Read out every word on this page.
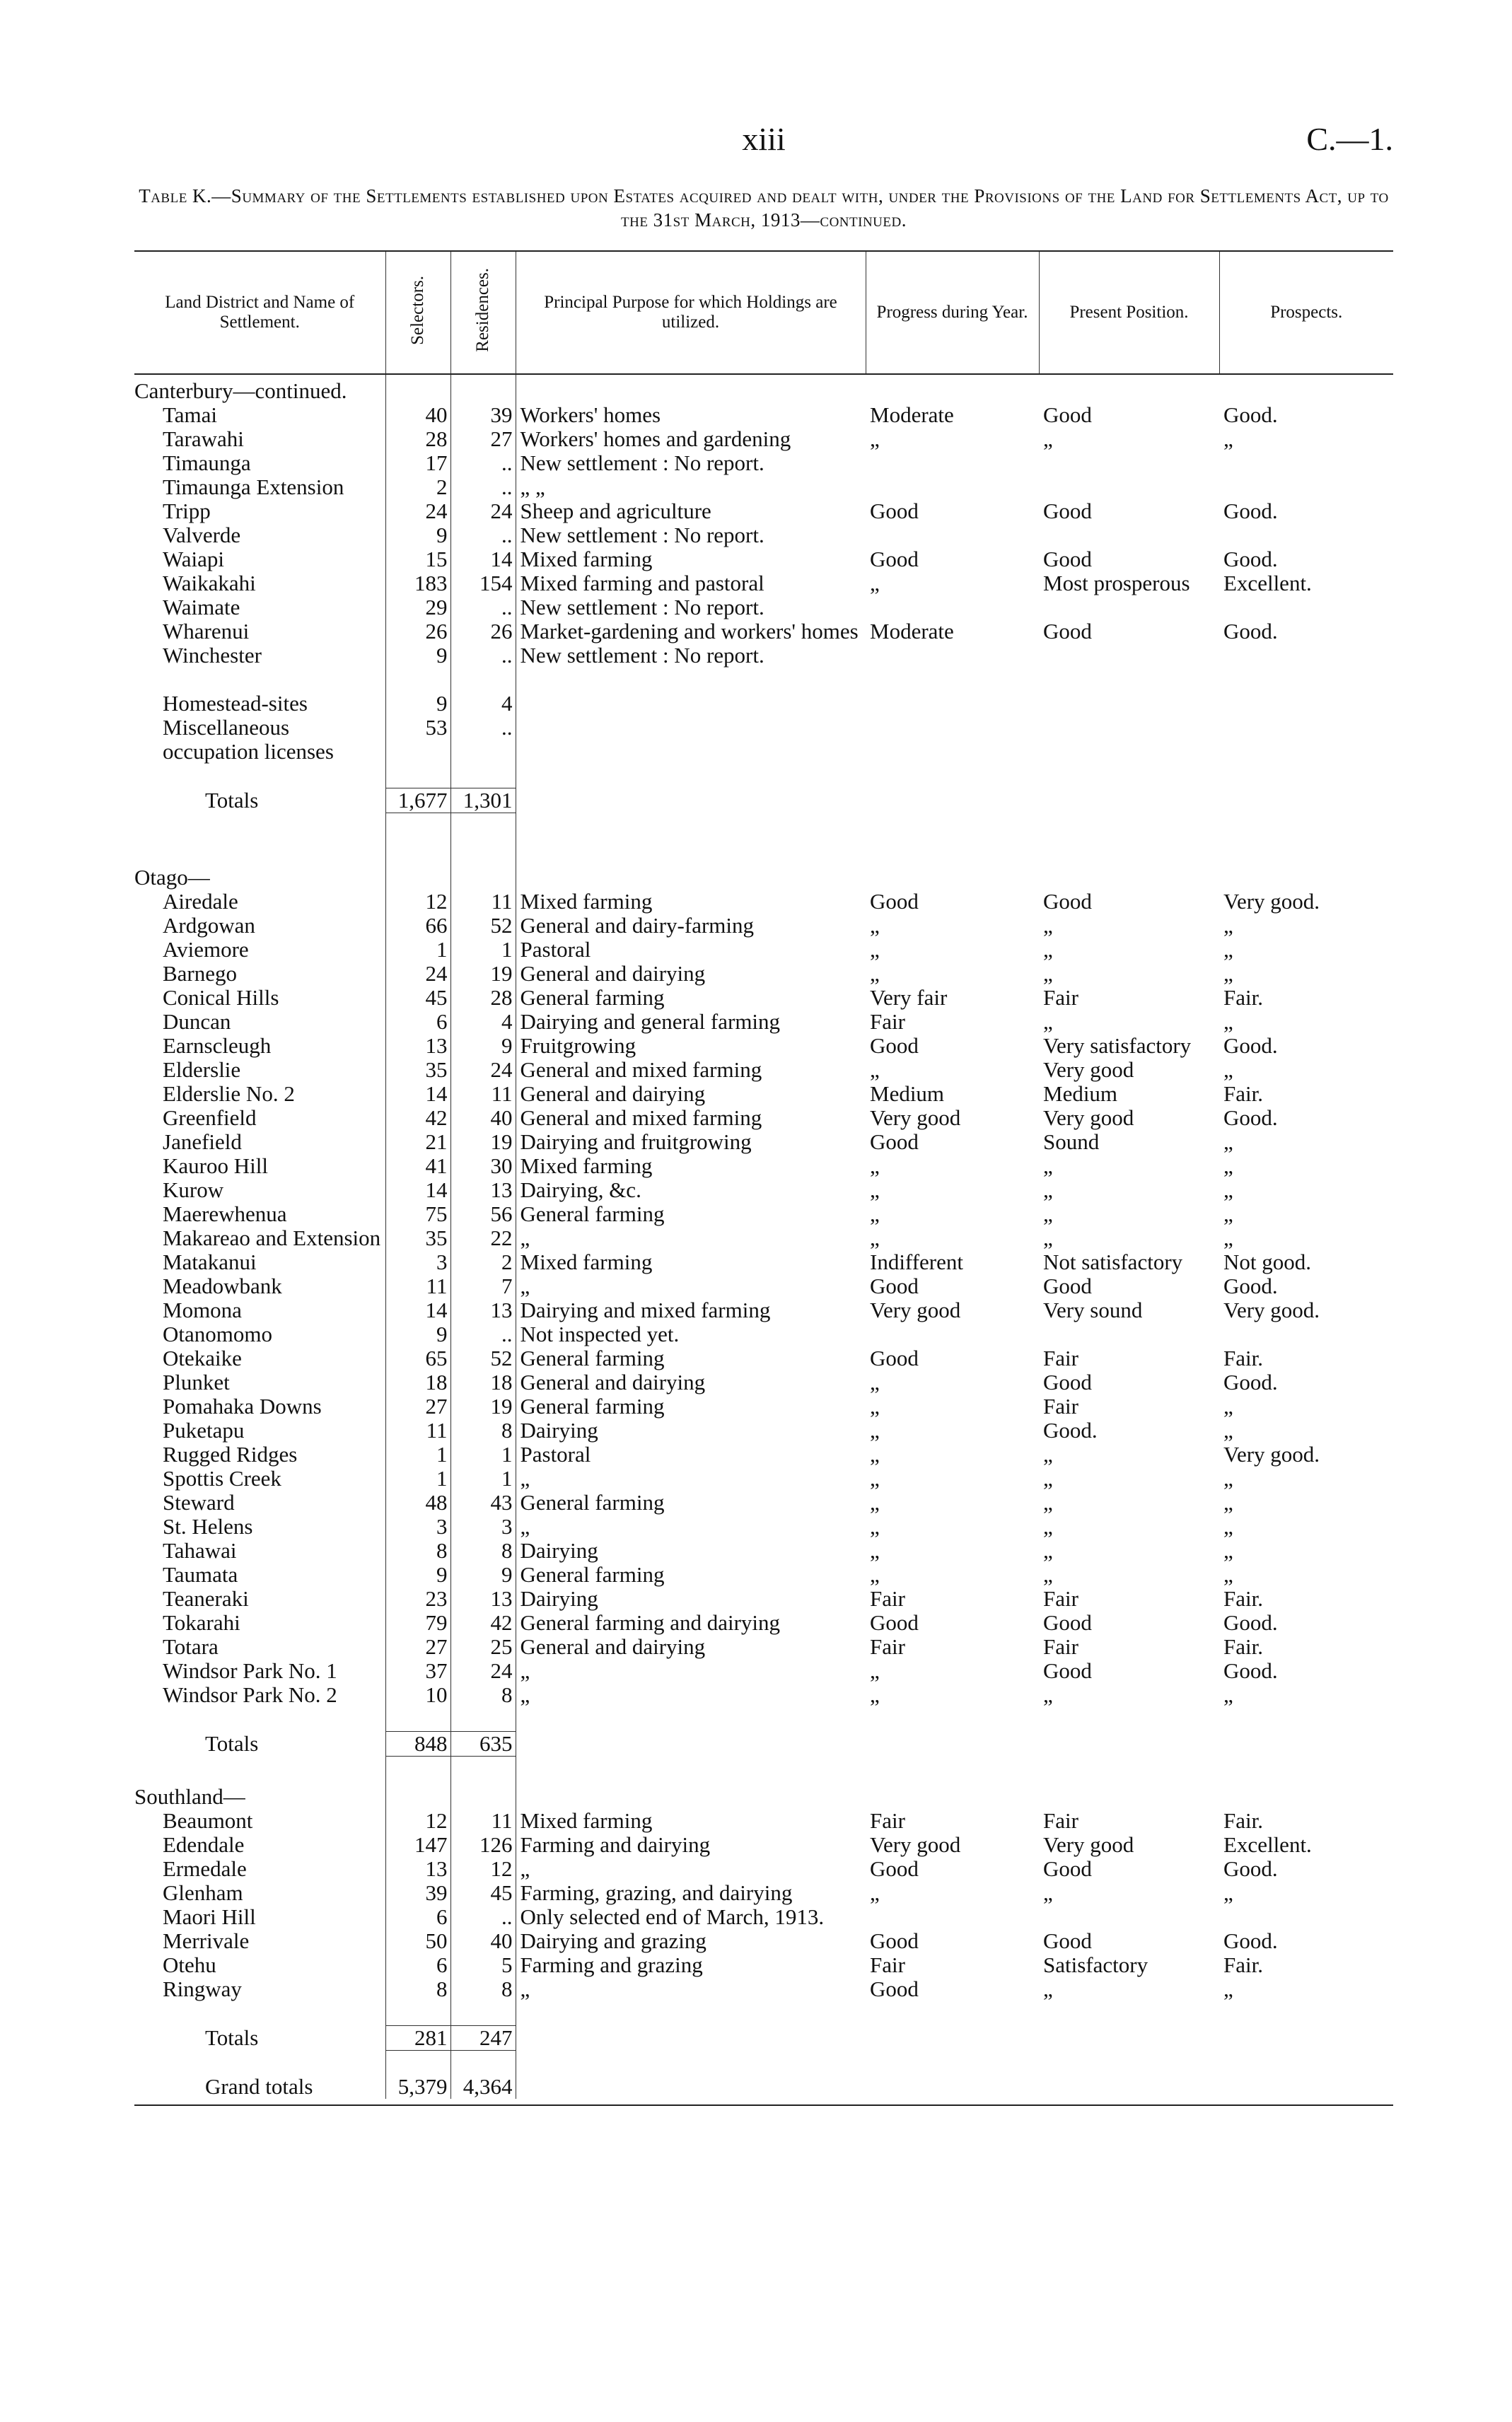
xiii	C.—1.
Table K.—Summary of the Settlements established upon Estates acquired and dealt with, under the Provisions of the Land for Settlements Act, up to the 31st March, 1913—continued.
Land District and Name of Settlement.	Selectors.	Residences.	Principal Purpose for which Holdings are utilized.	Progress during Year.	Present Position.	Prospects.
Canterbury—continued.						
Tamai	40	39	Workers' homes	Moderate	Good	Good.
Tarawahi	28	27	Workers' homes and gardening	„	„	„
Timaunga	17	..	New settlement : No report.			
Timaunga Extension	2	..	„ „			
Tripp	24	24	Sheep and agriculture	Good	Good	Good.
Valverde	9	..	New settlement : No report.			
Waiapi	15	14	Mixed farming	Good	Good	Good.
Waikakahi	183	154	Mixed farming and pastoral	„	Most prosperous	Excellent.
Waimate	29	..	New settlement : No report.			
Wharenui	26	26	Market-gardening and workers' homes	Moderate	Good	Good.
Winchester	9	..	New settlement : No report.			

Homestead-sites	9	4				
Miscellaneous occupation licenses	53	..				

Totals	1,677	1,301				

Otago—						
Airedale	12	11	Mixed farming	Good	Good	Very good.
Ardgowan	66	52	General and dairy-farming	„	„	„
Aviemore	1	1	Pastoral	„	„	„
Barnego	24	19	General and dairying	„	„	„
Conical Hills	45	28	General farming	Very fair	Fair	Fair.
Duncan	6	4	Dairying and general farming	Fair	„	„
Earnscleugh	13	9	Fruitgrowing	Good	Very satisfactory	Good.
Elderslie	35	24	General and mixed farming	„	Very good	„
Elderslie No. 2	14	11	General and dairying	Medium	Medium	Fair.
Greenfield	42	40	General and mixed farming	Very good	Very good	Good.
Janefield	21	19	Dairying and fruitgrowing	Good	Sound	„
Kauroo Hill	41	30	Mixed farming	„	„	„
Kurow	14	13	Dairying, &c.	„	„	„
Maerewhenua	75	56	General farming	„	„	„
Makareao and Extension	35	22	„	„	„	„
Matakanui	3	2	Mixed farming	Indifferent	Not satisfactory	Not good.
Meadowbank	11	7	„	Good	Good	Good.
Momona	14	13	Dairying and mixed farming	Very good	Very sound	Very good.
Otanomomo	9	..	Not inspected yet.			
Otekaike	65	52	General farming	Good	Fair	Fair.
Plunket	18	18	General and dairying	„	Good	Good.
Pomahaka Downs	27	19	General farming	„	Fair	„
Puketapu	11	8	Dairying	„	Good.	„
Rugged Ridges	1	1	Pastoral	„	„	Very good.
Spottis Creek	1	1	„	„	„	„
Steward	48	43	General farming	„	„	„
St. Helens	3	3	„	„	„	„
Tahawai	8	8	Dairying	„	„	„
Taumata	9	9	General farming	„	„	„
Teaneraki	23	13	Dairying	Fair	Fair	Fair.
Tokarahi	79	42	General farming and dairying	Good	Good	Good.
Totara	27	25	General and dairying	Fair	Fair	Fair.
Windsor Park No. 1	37	24	„	„	Good	Good.
Windsor Park No. 2	10	8	„	„	„	„

Totals	848	635				

Southland—						
Beaumont	12	11	Mixed farming	Fair	Fair	Fair.
Edendale	147	126	Farming and dairying	Very good	Very good	Excellent.
Ermedale	13	12	„	Good	Good	Good.
Glenham	39	45	Farming, grazing, and dairying	„	„	„
Maori Hill	6	..	Only selected end of March, 1913.			
Merrivale	50	40	Dairying and grazing	Good	Good	Good.
Otehu	6	5	Farming and grazing	Fair	Satisfactory	Fair.
Ringway	8	8	„	Good	„	„

Totals	281	247				

Grand totals	5,379	4,364				
